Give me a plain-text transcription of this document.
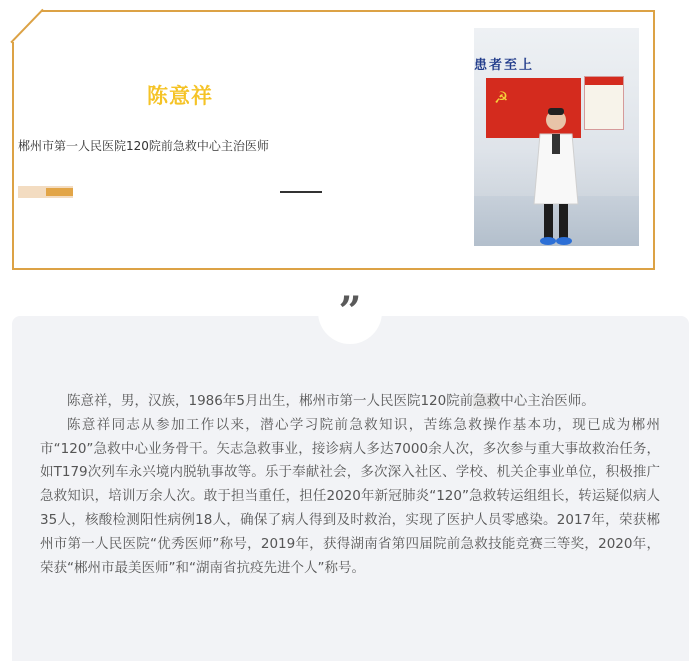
陈意祥
郴州市第一人民医院120院前急救中心主治医师
患者至上
☭
”

陈意祥，男，汉族，1986年5月出生，郴州市第一人民医院120院前急救中心主治医师。

陈意祥同志从参加工作以来，潜心学习院前急救知识，苦练急救操作基本功，现已成为郴州市“120”急救中心业务骨干。矢志急救事业，接诊病人多达7000余人次，多次参与重大事故救治任务，如T179次列车永兴境内脱轨事故等。乐于奉献社会，多次深入社区、学校、机关企事业单位，积极推广急救知识，培训万余人次。敢于担当重任，担任2020年新冠肺炎“120”急救转运组组长，转运疑似病人35人，核酸检测阳性病例18人，确保了病人得到及时救治，实现了医护人员零感染。2017年，荣获郴州市第一人民医院“优秀医师”称号，2019年，获得湖南省第四届院前急救技能竞赛三等奖，2020年，荣获“郴州市最美医师”和“湖南省抗疫先进个人”称号。
